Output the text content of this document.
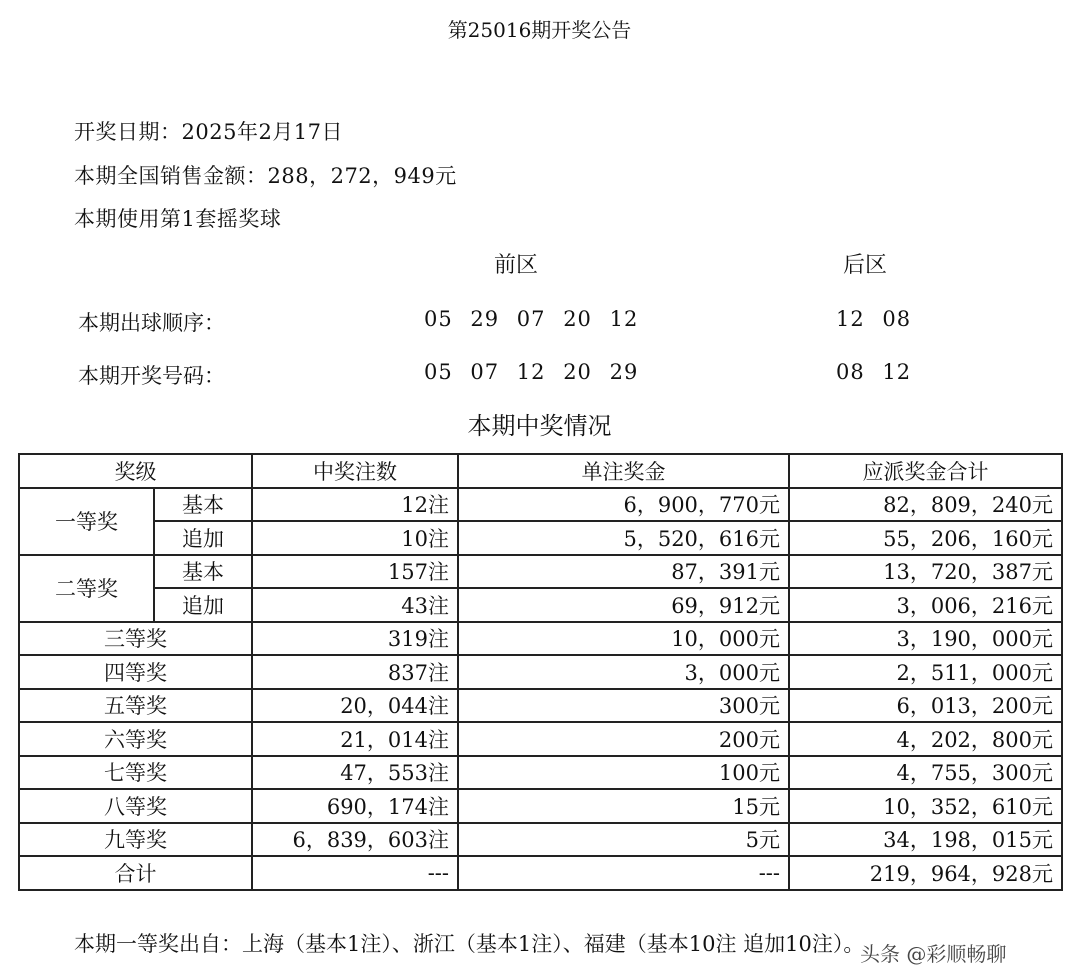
第25016期开奖公告
开奖日期：2025年2月17日
本期全国销售金额：288，272，949元
本期使用第1套摇奖球
前区	后区
本期出球顺序：	05 29 07 20 12	12 08
本期开奖号码：	05 07 12 20 29	08 12
本期中奖情况
奖级		中奖注数	单注奖金	应派奖金合计
一等奖	基本	12注	6，900，770元	82，809，240元
	追加	10注	5，520，616元	55，206，160元
二等奖	基本	157注	87，391元	13，720，387元
	追加	43注	69，912元	3，006，216元
三等奖		319注	10，000元	3，190，000元
四等奖		837注	3，000元	2，511，000元
五等奖		20，044注	300元	6，013，200元
六等奖		21，014注	200元	4，202，800元
七等奖		47，553注	100元	4，755，300元
八等奖		690，174注	15元	10，352，610元
九等奖		6，839，603注	5元	34，198，015元
合计		---	---	219，964，928元
本期一等奖出自：上海（基本1注）、浙江（基本1注）、福建（基本10注 追加10注）。
头条 @彩顺畅聊
